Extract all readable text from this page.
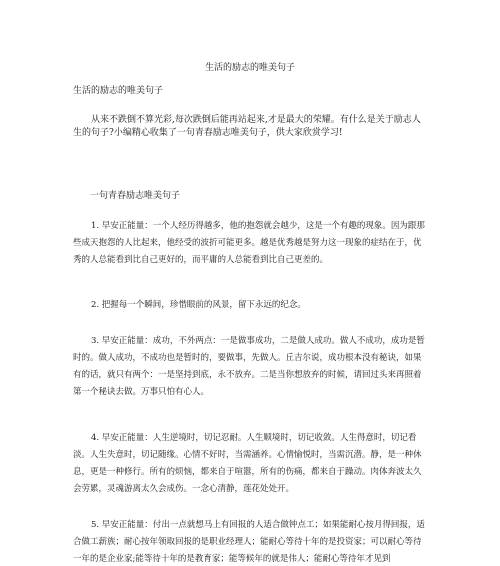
生活的励志的唯美句子
生活的励志的唯美句子

从来不跌倒不算光彩,每次跌倒后能再站起来,才是最大的荣耀。有什么是关于励志人生的句子?小编精心收集了一句青春励志唯美句子，供大家欣赏学习!

一句青春励志唯美句子

1. 早安正能量：一个人经历得越多，他的抱怨就会越少，这是一个有趣的现象。因为跟那些成天抱怨的人比起来，他经受的波折可能更多。越是优秀越是努力这一现象的症结在于，优秀的人总能看到比自己更好的，而平庸的人总能看到比自己更差的。

2. 把握每一个瞬间，珍惜眼前的风景，留下永远的纪念。

3. 早安正能量：成功，不外两点：一是做事成功，二是做人成功。做人不成功，成功是暂时的。做人成功，不成功也是暂时的，要做事，先做人。丘吉尔说，成功根本没有秘诀，如果有的话，就只有两个：一是坚持到底，永不放弃。二是当你想放弃的时候，请回过头来再照着第一个秘诀去做。万事只怕有心人。

4. 早安正能量：人生逆境时，切记忍耐。人生顺境时，切记收敛。人生得意时，切记看淡。人生失意时，切记随缘。心情不好时，当需涵养。心情愉悦时，当需沉潜。静，是一种休息，更是一种修行。所有的烦恼，都来自于喧嚣，所有的伤痛，都来自于躁动。肉体奔波太久会劳累，灵魂游离太久会成伤。一念心清静，莲花处处开。

5. 早安正能量：付出一点就想马上有回报的人适合做钟点工；如果能耐心按月得回报，适合做工薪族；耐心按年领取回报的是职业经理人；能耐心等待十年的是投资家；可以耐心等待一年的是企业家;能等待十年的是教育家；能等候年的就是伟人；能耐心等待年才见到
